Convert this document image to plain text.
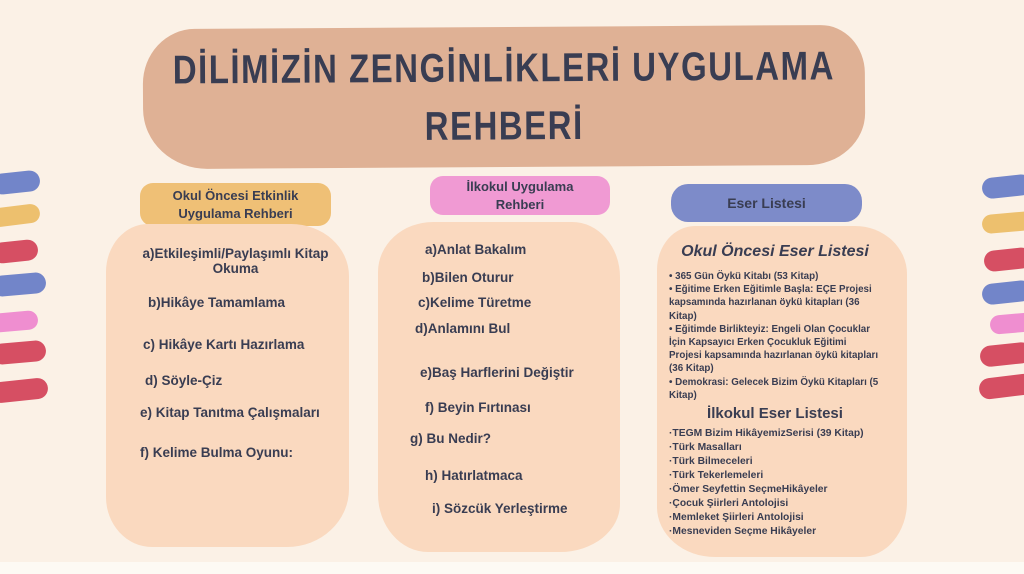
DİLİMİZİN ZENGİNLİKLERİ UYGULAMA
REHBERİ
Okul Öncesi Etkinlik Uygulama Rehberi
a)Etkileşimli/Paylaşımlı Kitap Okuma
b)Hikâye Tamamlama
c) Hikâye Kartı Hazırlama
d) Söyle-Çiz
e) Kitap Tanıtma Çalışmaları
f) Kelime Bulma Oyunu:
İlkokul Uygulama Rehberi
a)Anlat Bakalım
b)Bilen Oturur
c)Kelime Türetme
d)Anlamını Bul
e)Baş Harflerini Değiştir
f) Beyin Fırtınası
g) Bu Nedir?
h) Hatırlatmaca
i) Sözcük Yerleştirme
Eser Listesi
Okul Öncesi Eser Listesi
• 365 Gün Öykü Kitabı (53 Kitap)
• Eğitime Erken Eğitimle Başla: EÇE Projesi kapsamında hazırlanan öykü kitapları (36 Kitap)
• Eğitimde Birlikteyiz: Engeli Olan Çocuklar İçin Kapsayıcı Erken Çocukluk Eğitimi Projesi kapsamında hazırlanan öykü kitapları (36 Kitap)
• Demokrasi: Gelecek Bizim Öykü Kitapları (5 Kitap)
İlkokul Eser Listesi
·TEGM Bizim HikâyemizSerisi (39 Kitap)
·Türk Masalları
·Türk Bilmeceleri
·Türk Tekerlemeleri
·Ömer Seyfettin SeçmeHikâyeler
·Çocuk Şiirleri Antolojisi
·Memleket Şiirleri Antolojisi
·Mesneviden Seçme Hikâyeler
